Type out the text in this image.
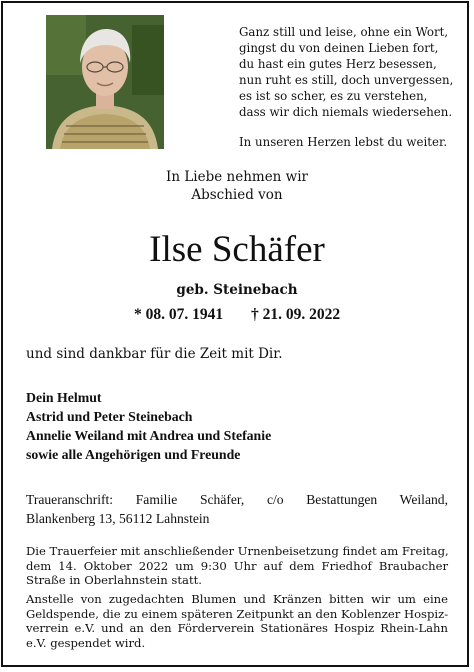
Ganz still und leise, ohne ein Wort,
gingst du von deinen Lieben fort,
du hast ein gutes Herz besessen,
nun ruht es still, doch unvergessen,
es ist so scher, es zu verstehen,
dass wir dich niemals wiedersehen.
In unseren Herzen lebst du weiter.
In Liebe nehmen wir
Abschied von
Ilse Schäfer
geb. Steinebach
* 08. 07. 1941 † 21. 09. 2022
und sind dankbar für die Zeit mit Dir.
Dein Helmut
Astrid und Peter Steinebach
Annelie Weiland mit Andrea und Stefanie
sowie alle Angehörigen und Freunde
Traueranschrift: Familie Schäfer, c/o Bestattungen Weiland,
Blankenberg 13, 56112 Lahnstein
Die Trauerfeier mit anschließender Urnenbeisetzung findet am Freitag,
dem 14. Oktober 2022 um 9:30 Uhr auf dem Friedhof Braubacher
Straße in Oberlahnstein statt.
Anstelle von zugedachten Blumen und Kränzen bitten wir um eine
Geldspende, die zu einem späteren Zeitpunkt an den Koblenzer Hospiz-
verrein e.V. und an den Förderverein Stationäres Hospiz Rhein-Lahn
e.V. gespendet wird.
